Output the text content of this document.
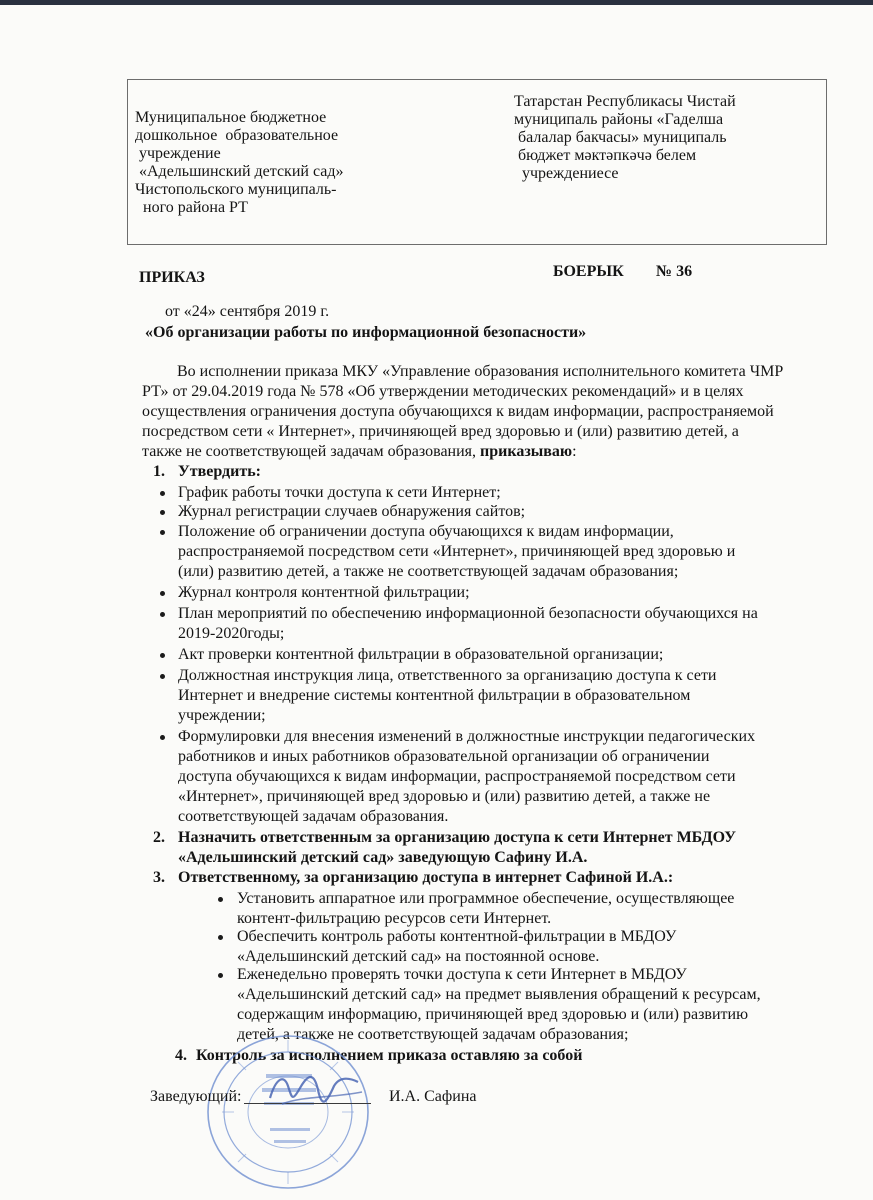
Муниципальное бюджетное
дошкольное  образовательное
учреждение
«Адельшинский детский сад»
Чистопольского муниципаль-
ного района РТ
Татарстан Республикасы Чистай
муниципаль районы «Гаделша
балалар бакчасы» муниципаль
бюджет мәктәпкәчә белем
учреждениесе
ПРИКАЗ	БОЕРЫК № 36
от «24» сентября 2019 г.
«Об организации работы по информационной безопасности»
Во исполнении приказа МКУ «Управление образования исполнительного комитета ЧМР
РТ» от 29.04.2019 года № 578 «Об утверждении методических рекомендаций» и в целях
осуществления ограничения доступа обучающихся к видам информации, распространяемой
посредством сети « Интернет», причиняющей вред здоровью и (или) развитию детей, а
также не соответствующей задачам образования, приказываю:
1. Утвердить:
График работы точки доступа к сети Интернет;
Журнал регистрации случаев обнаружения сайтов;
Положение об ограничении доступа обучающихся к видам информации,
распространяемой посредством сети «Интернет», причиняющей вред здоровью и
(или) развитию детей, а также не соответствующей задачам образования;
Журнал контроля контентной фильтрации;
План мероприятий по обеспечению информационной безопасности обучающихся на
2019-2020годы;
Акт проверки контентной фильтрации в образовательной организации;
Должностная инструкция лица, ответственного за организацию доступа к сети
Интернет и внедрение системы контентной фильтрации в образовательном
учреждении;
Формулировки для внесения изменений в должностные инструкции педагогических
работников и иных работников образовательной организации об ограничении
доступа обучающихся к видам информации, распространяемой посредством сети
«Интернет», причиняющей вред здоровью и (или) развитию детей, а также не
соответствующей задачам образования.
2. Назначить ответственным за организацию доступа к сети Интернет МБДОУ
«Адельшинский детский сад» заведующую Сафину И.А.
3. Ответственному, за организацию доступа в интернет Сафиной И.А.:
Установить аппаратное или программное обеспечение, осуществляющее
контент-фильтрацию ресурсов сети Интернет.
Обеспечить контроль работы контентной-фильтрации в МБДОУ
«Адельшинский детский сад» на постоянной основе.
Еженедельно проверять точки доступа к сети Интернет в МБДОУ
«Адельшинский детский сад» на предмет выявления обращений к ресурсам,
содержащим информацию, причиняющей вред здоровью и (или) развитию
детей, а также не соответствующей задачам образования;
4. Контроль за исполнением приказа оставляю за собой
Заведующий:	И.А. Сафина
